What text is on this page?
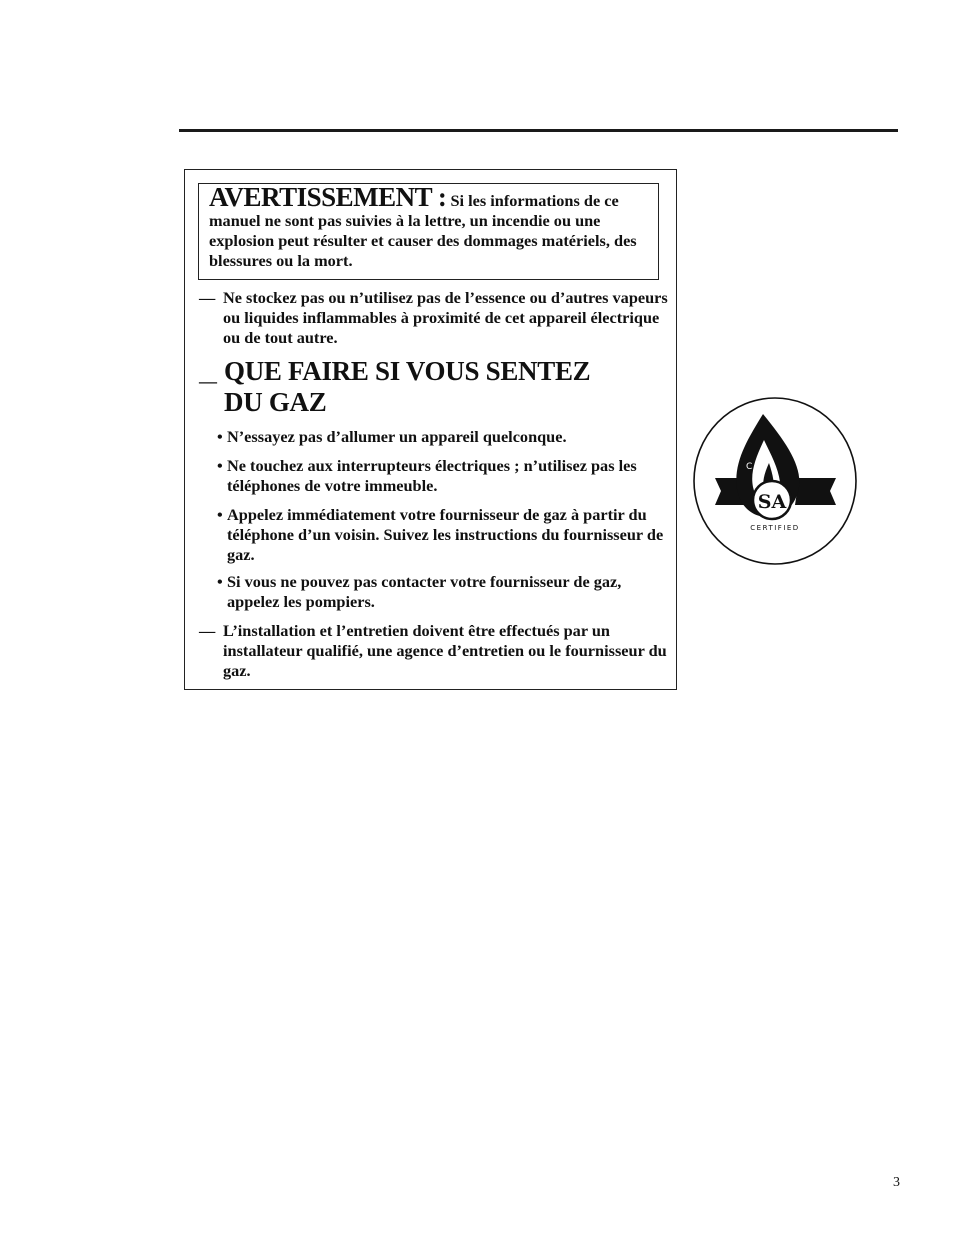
AVERTISSEMENT : Si les informations de ce manuel ne sont pas suivies à la lettre, un incendie ou une explosion peut résulter et causer des dommages matériels, des blessures ou la mort.

— Ne stockez pas ou n’utilisez pas de l’essence ou d’autres vapeurs ou liquides inflammables à proximité de cet appareil électrique ou de tout autre.
— QUE FAIRE SI VOUS SENTEZ
DU GAZ
• N’essayez pas d’allumer un appareil quelconque.
• Ne touchez aux interrupteurs électriques ; n’utilisez pas les téléphones de votre immeuble.
• Appelez immédiatement votre fournisseur de gaz à partir du téléphone d’un voisin. Suivez les instructions du fournisseur de gaz.
• Si vous ne pouvez pas contacter votre fournisseur de gaz, appelez les pompiers.
— L’installation et l’entretien doivent être effectués par un installateur qualifié, une agence d’entretien ou le fournisseur du gaz.
C
SA
CERTIFIED
3
